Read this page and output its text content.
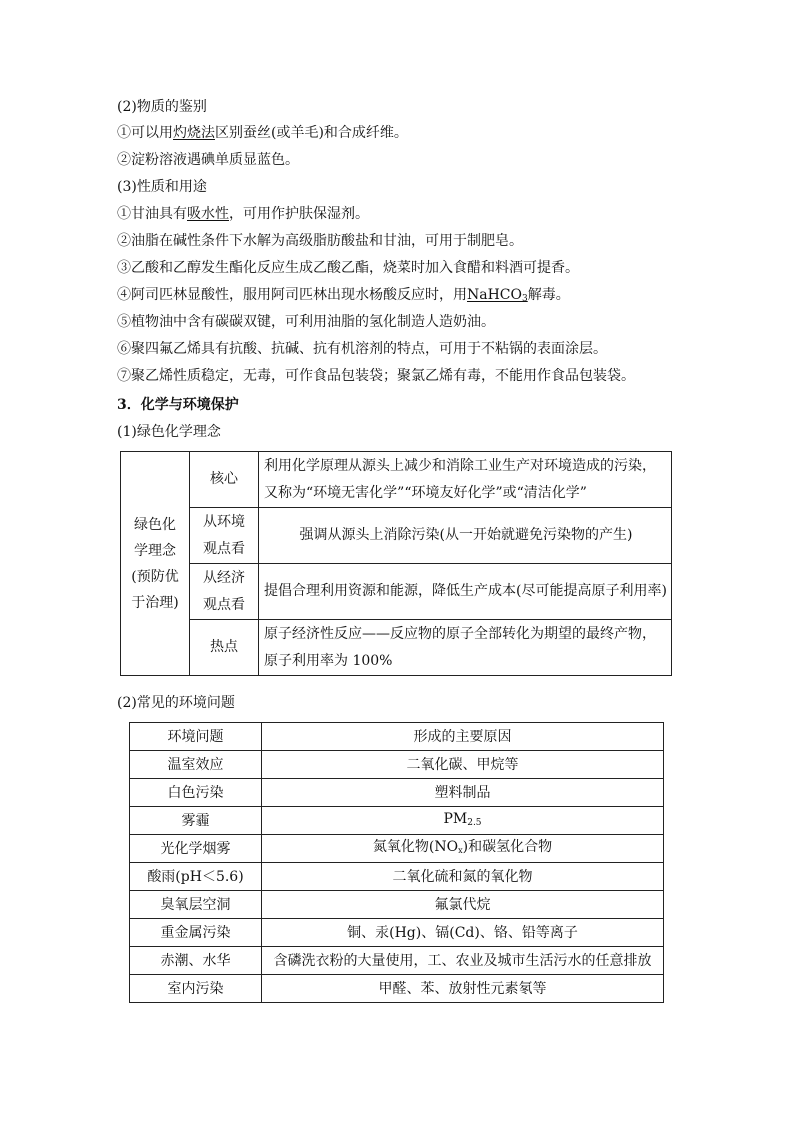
(2)物质的鉴别
①可以用灼烧法区别蚕丝(或羊毛)和合成纤维。
②淀粉溶液遇碘单质显蓝色。
(3)性质和用途
①甘油具有吸水性，可用作护肤保湿剂。
②油脂在碱性条件下水解为高级脂肪酸盐和甘油，可用于制肥皂。
③乙酸和乙醇发生酯化反应生成乙酸乙酯，烧菜时加入食醋和料酒可提香。
④阿司匹林显酸性，服用阿司匹林出现水杨酸反应时，用NaHCO$_3$解毒。
⑤植物油中含有碳碳双键，可利用油脂的氢化制造人造奶油。
⑥聚四氟乙烯具有抗酸、抗碱、抗有机溶剂的特点，可用于不粘锅的表面涂层。
⑦聚乙烯性质稳定，无毒，可作食品包装袋；聚氯乙烯有毒，不能用作食品包装袋。
3．化学与环境保护
(1)绿色化学理念
绿色化
学理念
(预防优
于治理)	核心	利用化学原理从源头上减少和消除工业生产对环境造成的污染，又称为“环境无害化学”“环境友好化学”或“清洁化学”

	从环境
观点看	强调从源头上消除污染(从一开始就避免污染物的产生)

	从经济
观点看	提倡合理利用资源和能源，降低生产成本(尽可能提高原子利用率)

	热点	原子经济性反应——反应物的原子全部转化为期望的最终产物，原子利用率为 100%
(2)常见的环境问题
环境问题	形成的主要原因
温室效应	二氧化碳、甲烷等
白色污染	塑料制品
雾霾	$PM_{2.5}$
光化学烟雾	氮氧化物$(NO_x)$和碳氢化合物
酸雨(pH＜5.6)	二氧化硫和氮的氧化物
臭氧层空洞	氟氯代烷
重金属污染	铜、汞(Hg)、镉(Cd)、铬、铅等离子
赤潮、水华	含磷洗衣粉的大量使用，工、农业及城市生活污水的任意排放
室内污染	甲醛、苯、放射性元素氡等
